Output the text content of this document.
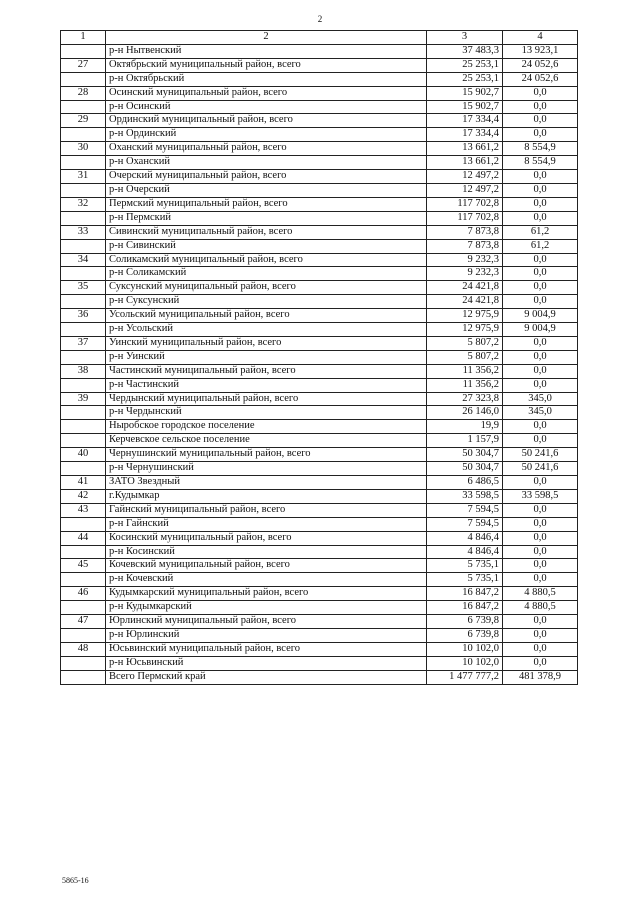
2
1	2	3	4
	р-н Нытвенский	37 483,3	13 923,1
27	Октябрьский муниципальный район, всего	25 253,1	24 052,6
	р-н Октябрьский	25 253,1	24 052,6
28	Осинский муниципальный район, всего	15 902,7	0,0
	р-н Осинский	15 902,7	0,0
29	Ординский муниципальный район, всего	17 334,4	0,0
	р-н Ординский	17 334,4	0,0
30	Оханский муниципальный район, всего	13 661,2	8 554,9
	р-н Оханский	13 661,2	8 554,9
31	Очерский муниципальный район, всего	12 497,2	0,0
	р-н Очерский	12 497,2	0,0
32	Пермский муниципальный район, всего	117 702,8	0,0
	р-н Пермский	117 702,8	0,0
33	Сивинский муниципальный район, всего	7 873,8	61,2
	р-н Сивинский	7 873,8	61,2
34	Соликамский муниципальный район, всего	9 232,3	0,0
	р-н Соликамский	9 232,3	0,0
35	Суксунский муниципальный район, всего	24 421,8	0,0
	р-н Суксунский	24 421,8	0,0
36	Усольский муниципальный район, всего	12 975,9	9 004,9
	р-н Усольский	12 975,9	9 004,9
37	Уинский муниципальный район, всего	5 807,2	0,0
	р-н Уинский	5 807,2	0,0
38	Частинский муниципальный район, всего	11 356,2	0,0
	р-н Частинский	11 356,2	0,0
39	Чердынский муниципальный район, всего	27 323,8	345,0
	р-н Чердынский	26 146,0	345,0
	Ныробское городское поселение	19,9	0,0
	Керчевское сельское поселение	1 157,9	0,0
40	Чернушинский муниципальный район, всего	50 304,7	50 241,6
	р-н Чернушинский	50 304,7	50 241,6
41	ЗАТО Звездный	6 486,5	0,0
42	г.Кудымкар	33 598,5	33 598,5
43	Гайнский муниципальный район, всего	7 594,5	0,0
	р-н Гайнский	7 594,5	0,0
44	Косинский муниципальный район, всего	4 846,4	0,0
	р-н Косинский	4 846,4	0,0
45	Кочевский муниципальный район, всего	5 735,1	0,0
	р-н Кочевский	5 735,1	0,0
46	Кудымкарский муниципальный район, всего	16 847,2	4 880,5
	р-н Кудымкарский	16 847,2	4 880,5
47	Юрлинский муниципальный район, всего	6 739,8	0,0
	р-н Юрлинский	6 739,8	0,0
48	Юсьвинский муниципальный район, всего	10 102,0	0,0
	р-н Юсьвинский	10 102,0	0,0
	Всего Пермский край	1 477 777,2	481 378,9
5865-16
